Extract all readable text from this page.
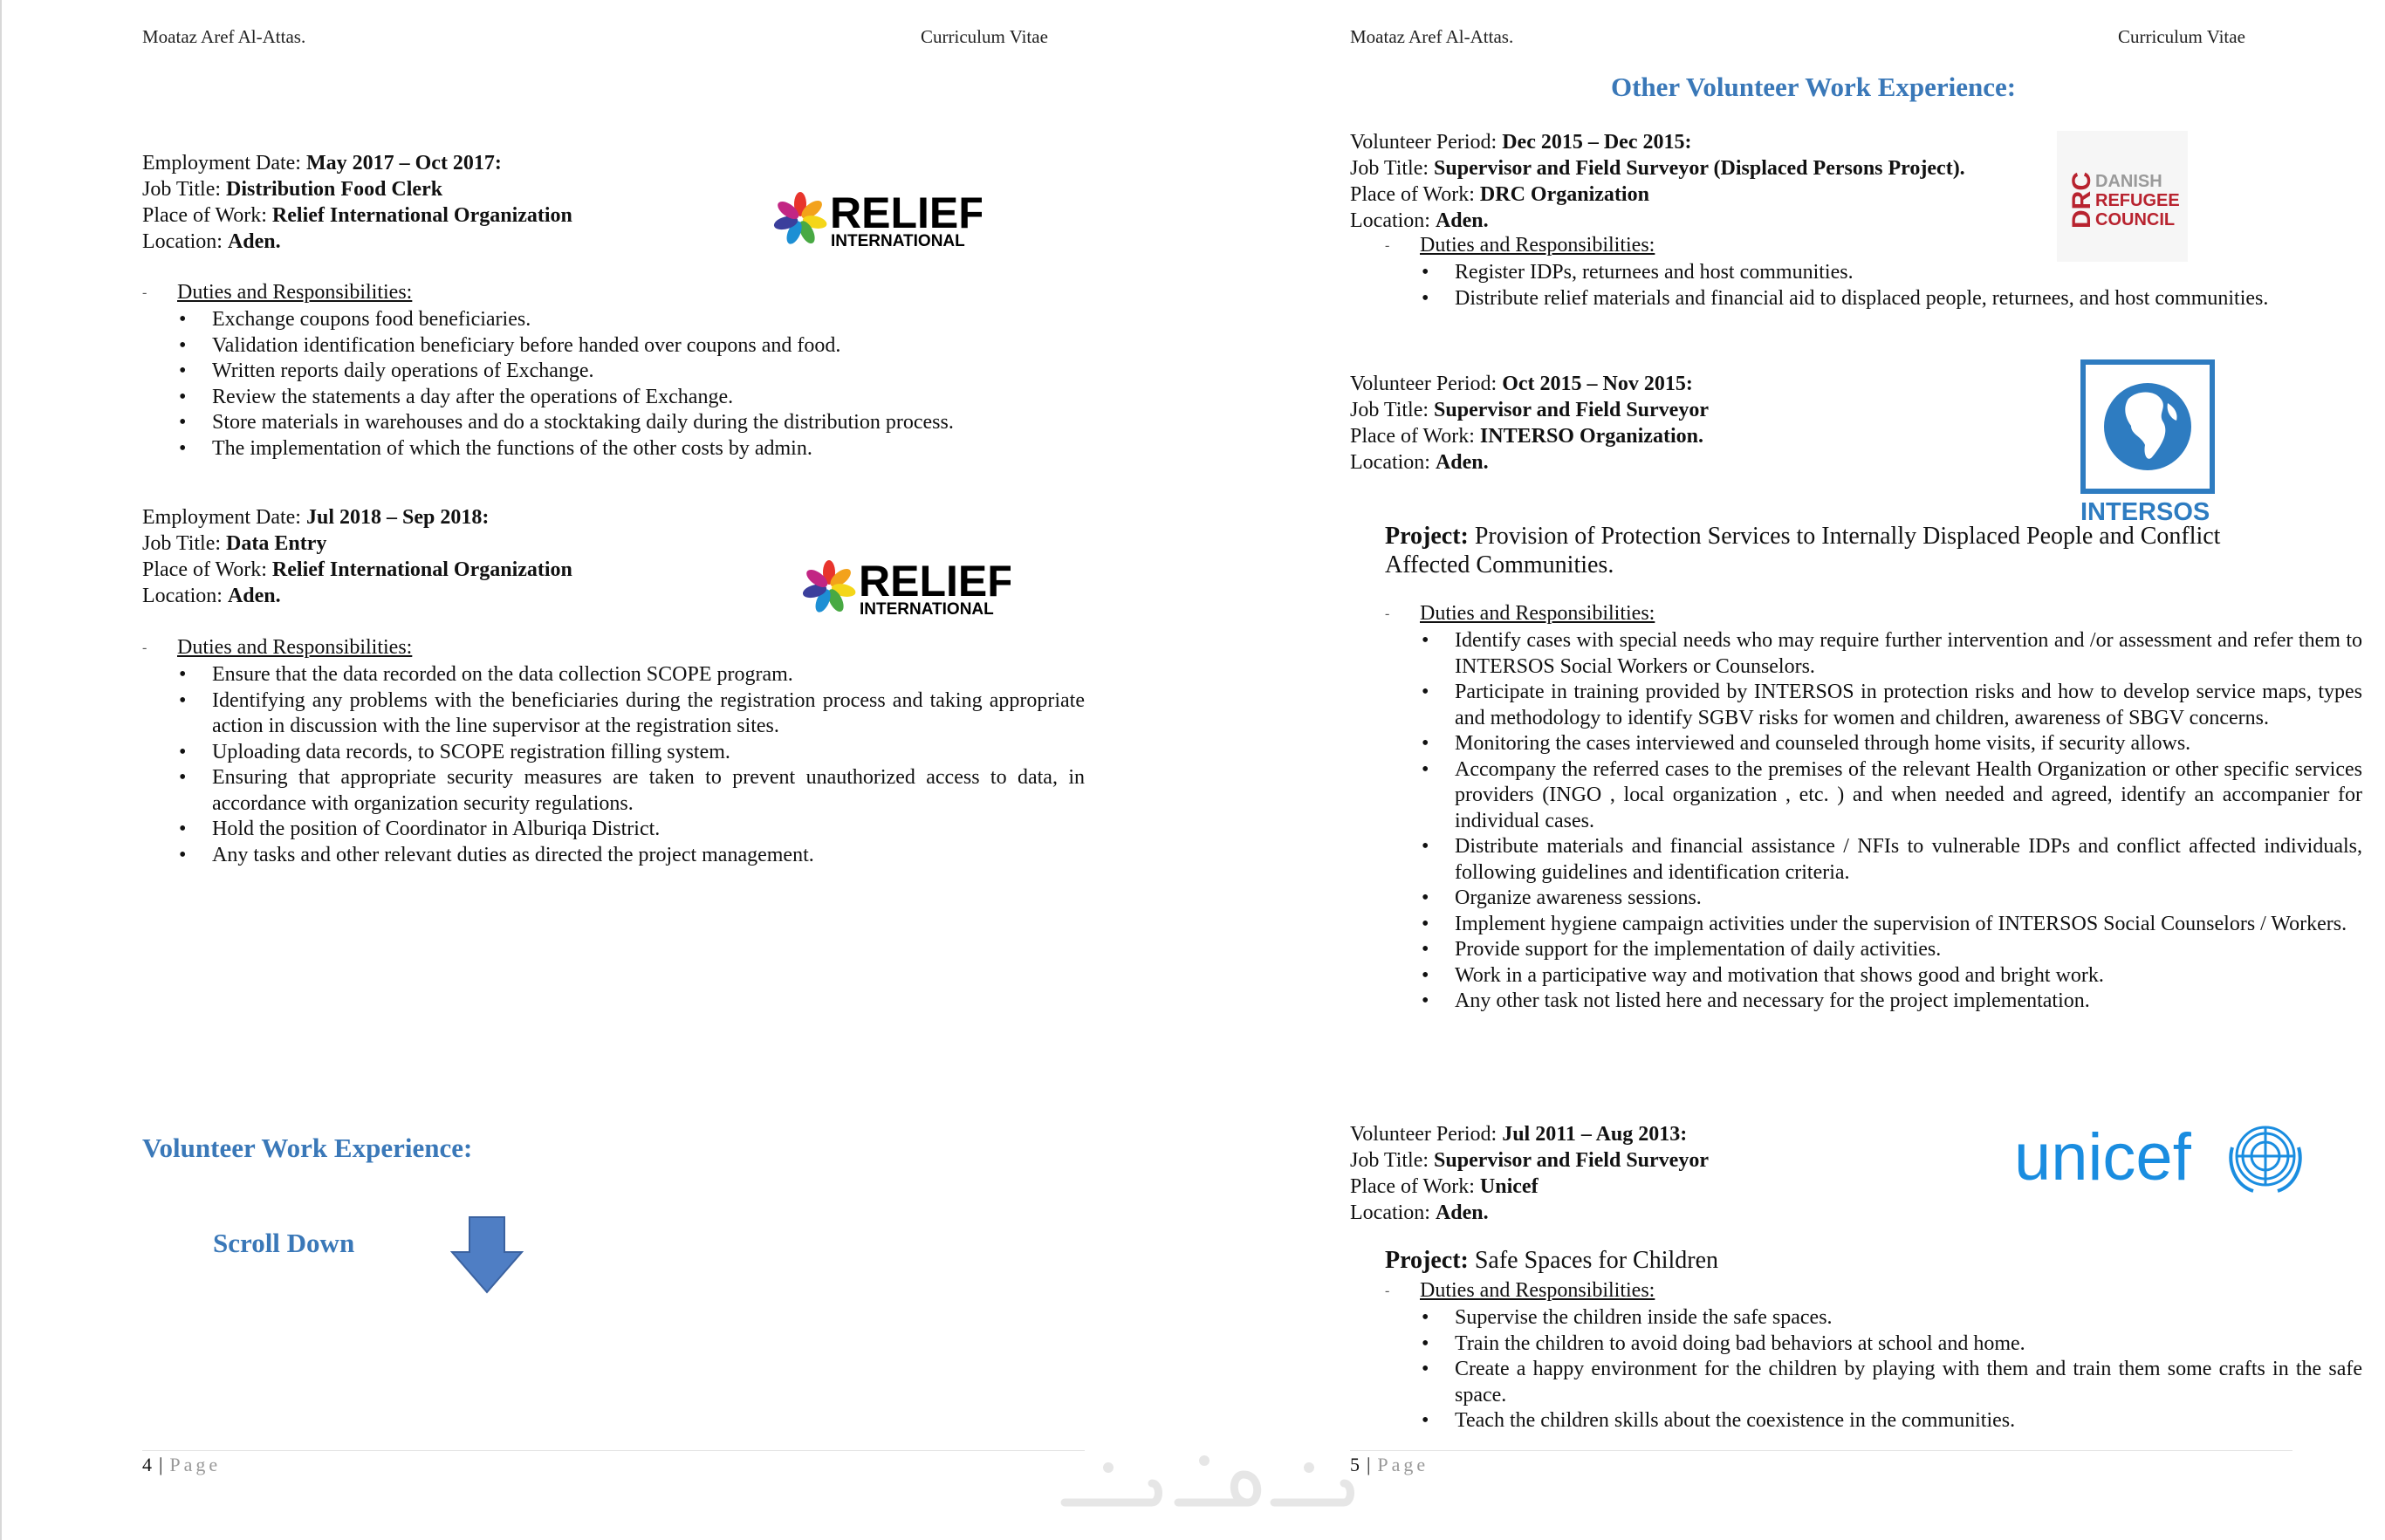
Moataz Aref Al-Attas.	Curriculum Vitae
Employment Date: May 2017 – Oct 2017:
Job Title: Distribution Food Clerk
Place of Work: Relief International Organization
Location: Aden.
RELIEF
INTERNATIONAL
- Duties and Responsibilities:
• Exchange coupons food beneficiaries.
• Validation identification beneficiary before handed over coupons and food.
• Written reports daily operations of Exchange.
• Review the statements a day after the operations of Exchange.
• Store materials in warehouses and do a stocktaking daily during the distribution process.
• The implementation of which the functions of the other costs by admin.
Employment Date: Jul 2018 – Sep 2018:
Job Title: Data Entry
Place of Work: Relief International Organization
Location: Aden.	RELIEF
INTERNATIONAL
- Duties and Responsibilities:
• Ensure that the data recorded on the data collection SCOPE program.
• Identifying any problems with the beneficiaries during the registration process and taking appropriate action in discussion with the line supervisor at the registration sites.
• Uploading data records, to SCOPE registration filling system.
• Ensuring that appropriate security measures are taken to prevent unauthorized access to data, in accordance with organization security regulations.
• Hold the position of Coordinator in Alburiqa District.
• Any tasks and other relevant duties as directed the project management.
Volunteer Work Experience:
Scroll Down
4 | Page
Moataz Aref Al-Attas.	Curriculum Vitae
Other Volunteer Work Experience:
Volunteer Period: Dec 2015 – Dec 2015:
Job Title: Supervisor and Field Surveyor (Displaced Persons Project).
Place of Work: DRC Organization
Location: Aden.	DRC DANISH
REFUGEE
COUNCIL
- Duties and Responsibilities:
• Register IDPs, returnees and host communities.
• Distribute relief materials and financial aid to displaced people, returnees, and host communities.
Volunteer Period: Oct 2015 – Nov 2015:
Job Title: Supervisor and Field Surveyor
Place of Work: INTERSO Organization.
Location: Aden.
INTERSOS
Project: Provision of Protection Services to Internally Displaced People and Conflict Affected Communities.
- Duties and Responsibilities:
• Identify cases with special needs who may require further intervention and /or assessment and refer them to INTERSOS Social Workers or Counselors.
• Participate in training provided by INTERSOS in protection risks and how to develop service maps, types and methodology to identify SGBV risks for women and children, awareness of SBGV concerns.
• Monitoring the cases interviewed and counseled through home visits, if security allows.
• Accompany the referred cases to the premises of the relevant Health Organization or other specific services providers (INGO , local organization , etc. ) and when needed and agreed, identify an accompanier for individual cases.
• Distribute materials and financial assistance / NFIs to vulnerable IDPs and conflict affected individuals, following guidelines and identification criteria.
• Organize awareness sessions.
• Implement hygiene campaign activities under the supervision of INTERSOS Social Counselors / Workers.
• Provide support for the implementation of daily activities.
• Work in a participative way and motivation that shows good and bright work.
• Any other task not listed here and necessary for the project implementation.
Volunteer Period: Jul 2011 – Aug 2013:
Job Title: Supervisor and Field Surveyor
Place of Work: Unicef
Location: Aden.
unicef
Project: Safe Spaces for Children
- Duties and Responsibilities:
• Supervise the children inside the safe spaces.
• Train the children to avoid doing bad behaviors at school and home.
• Create a happy environment for the children by playing with them and train them some crafts in the safe space.
• Teach the children skills about the coexistence in the communities.
5 | Page
